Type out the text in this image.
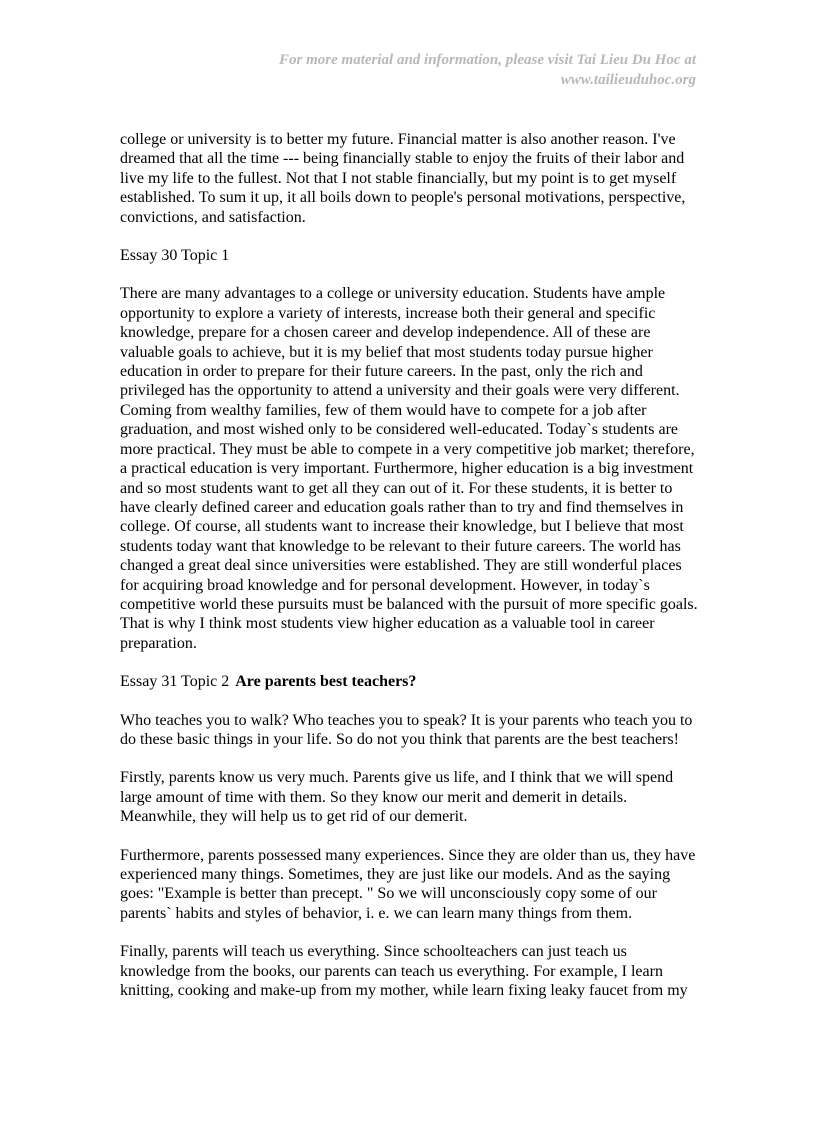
For more material and information, please visit Tai Lieu Du Hoc at
www.tailieuduhoc.org

college or university is to better my future. Financial matter is also another reason. I've dreamed that all the time --- being financially stable to enjoy the fruits of their labor and live my life to the fullest. Not that I not stable financially, but my point is to get myself established. To sum it up, it all boils down to people's personal motivations, perspective, convictions, and satisfaction.

Essay 30 Topic 1

There are many advantages to a college or university education. Students have ample opportunity to explore a variety of interests, increase both their general and specific knowledge, prepare for a chosen career and develop independence. All of these are valuable goals to achieve, but it is my belief that most students today pursue higher education in order to prepare for their future careers. In the past, only the rich and privileged has the opportunity to attend a university and their goals were very different. Coming from wealthy families, few of them would have to compete for a job after graduation, and most wished only to be considered well-educated. Today`s students are more practical. They must be able to compete in a very competitive job market; therefore, a practical education is very important. Furthermore, higher education is a big investment and so most students want to get all they can out of it. For these students, it is better to have clearly defined career and education goals rather than to try and find themselves in college. Of course, all students want to increase their knowledge, but I believe that most students today want that knowledge to be relevant to their future careers. The world has changed a great deal since universities were established. They are still wonderful places for acquiring broad knowledge and for personal development. However, in today`s competitive world these pursuits must be balanced with the pursuit of more specific goals. That is why I think most students view higher education as a valuable tool in career preparation.

Essay 31 Topic 2 Are parents best teachers?

Who teaches you to walk? Who teaches you to speak? It is your parents who teach you to do these basic things in your life. So do not you think that parents are the best teachers!

Firstly, parents know us very much. Parents give us life, and I think that we will spend large amount of time with them. So they know our merit and demerit in details. Meanwhile, they will help us to get rid of our demerit.

Furthermore, parents possessed many experiences. Since they are older than us, they have experienced many things. Sometimes, they are just like our models. And as the saying goes: "Example is better than precept. " So we will unconsciously copy some of our parents` habits and styles of behavior, i. e. we can learn many things from them.

Finally, parents will teach us everything. Since schoolteachers can just teach us knowledge from the books, our parents can teach us everything. For example, I learn knitting, cooking and make-up from my mother, while learn fixing leaky faucet from my
